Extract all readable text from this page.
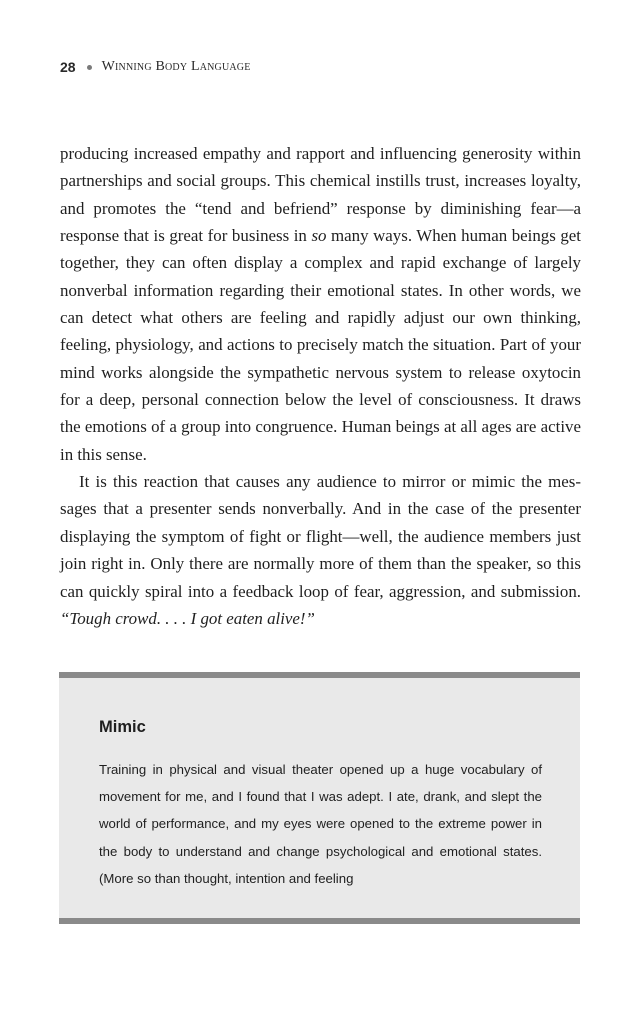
28 Winning Body Language

producing increased empathy and rapport and influencing generosity within partnerships and social groups. This chemical instills trust, increases loyalty, and promotes the “tend and befriend” response by diminishing fear—a response that is great for business in so many ways. When human beings get together, they can often display a complex and rapid exchange of largely nonverbal information regarding their emotional states. In other words, we can detect what others are feeling and rapidly adjust our own thinking, feeling, physiology, and actions to precisely match the situation. Part of your mind works alongside the sympathetic nervous system to release oxytocin for a deep, personal connection below the level of consciousness. It draws the emotions of a group into congruence. Human beings at all ages are active in this sense.

It is this reaction that causes any audience to mirror or mimic the messages that a presenter sends nonverbally. And in the case of the presenter displaying the symptom of fight or flight—well, the audience members just join right in. Only there are normally more of them than the speaker, so this can quickly spiral into a feedback loop of fear, aggression, and submission. “Tough crowd. . . . I got eaten alive!”

Mimic

Training in physical and visual theater opened up a huge vocabulary of movement for me, and I found that I was adept. I ate, drank, and slept the world of performance, and my eyes were opened to the extreme power in the body to understand and change psychological and emotional states. (More so than thought, intention and feeling
